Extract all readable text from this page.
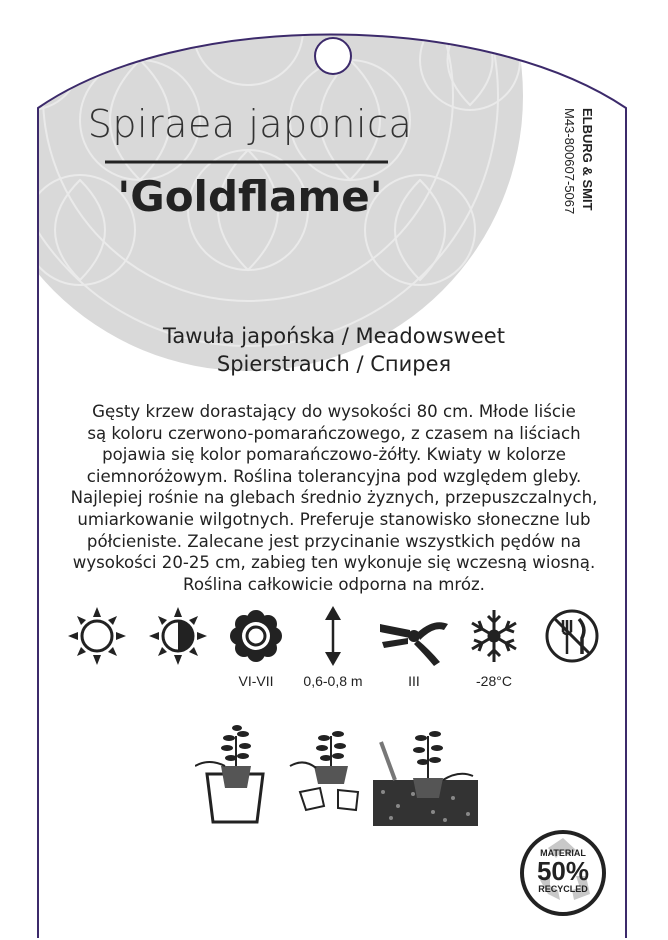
Spiraea japonica
'Goldflame'	ELBURG & SMIT
M43-800607-5067
Tawuła japońska / Meadowsweet
Spierstrauch / Спирея
Gęsty krzew dorastający do wysokości 80 cm. Młode liście
są koloru czerwono-pomarańczowego, z czasem na liściach
pojawia się kolor pomarańczowo-żółty. Kwiaty w kolorze
ciemnoróżowym. Roślina tolerancyjna pod względem gleby.
Najlepiej rośnie na glebach średnio żyznych, przepuszczalnych,
umiarkowanie wilgotnych. Preferuje stanowisko słoneczne lub
półcieniste. Zalecane jest przycinanie wszystkich pędów na
wysokości 20-25 cm, zabieg ten wykonuje się wczesną wiosną.
Roślina całkowicie odporna na mróz.
VI-VII	0,6-0,8 m	III	-28°C
MATERIAL
50%
RECYCLED
